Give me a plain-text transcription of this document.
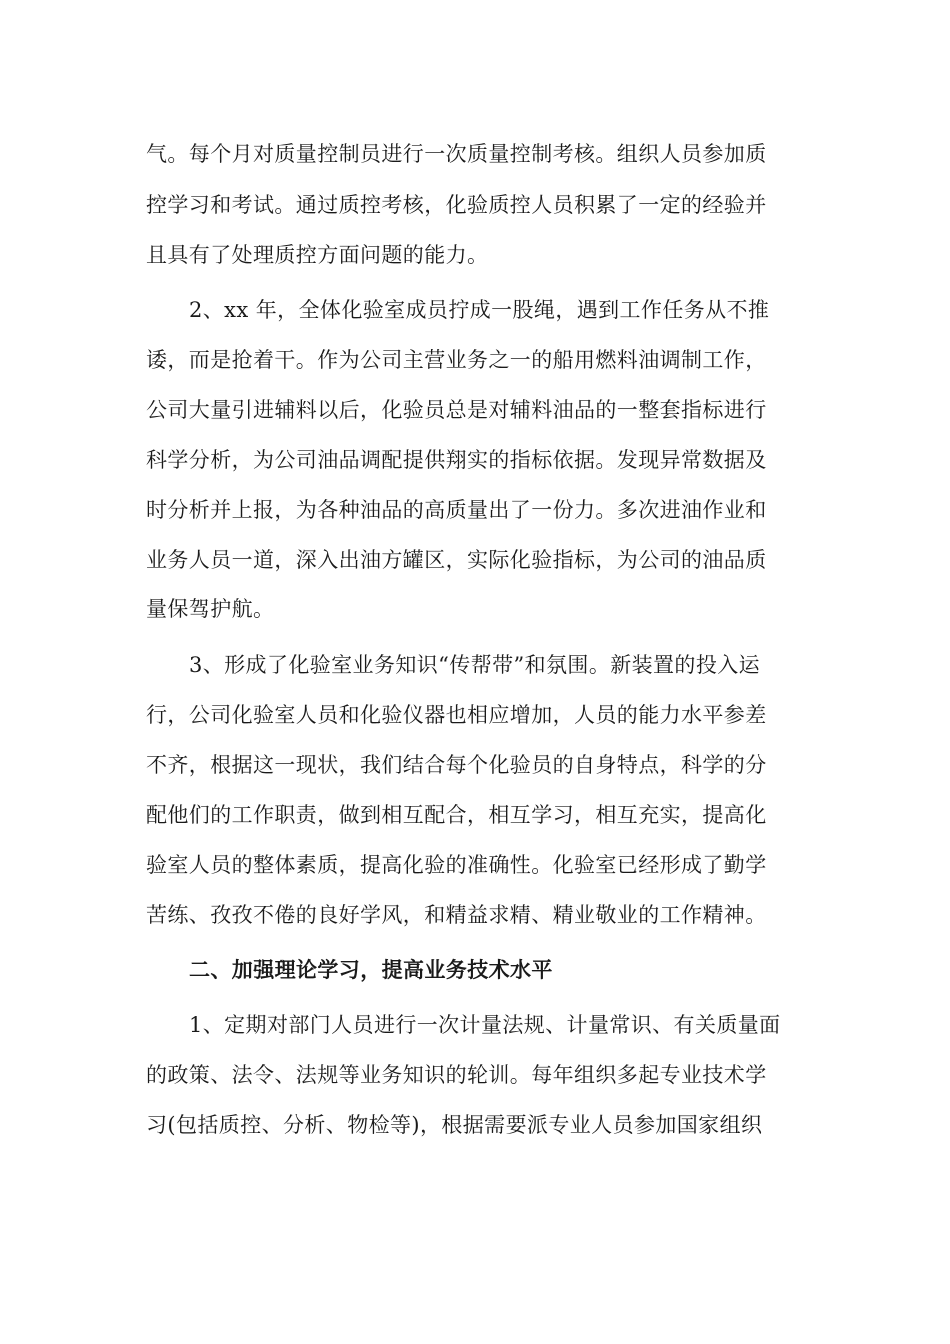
气。每个月对质量控制员进行一次质量控制考核。组织人员参加质
控学习和考试。通过质控考核，化验质控人员积累了一定的经验并
且具有了处理质控方面问题的能力。
2、xx 年，全体化验室成员拧成一股绳，遇到工作任务从不推
诿，而是抢着干。作为公司主营业务之一的船用燃料油调制工作，
公司大量引进辅料以后，化验员总是对辅料油品的一整套指标进行
科学分析，为公司油品调配提供翔实的指标依据。发现异常数据及
时分析并上报，为各种油品的高质量出了一份力。多次进油作业和
业务人员一道，深入出油方罐区，实际化验指标，为公司的油品质
量保驾护航。
3、形成了化验室业务知识“传帮带”和氛围。新装置的投入运
行，公司化验室人员和化验仪器也相应增加，人员的能力水平参差
不齐，根据这一现状，我们结合每个化验员的自身特点，科学的分
配他们的工作职责，做到相互配合，相互学习，相互充实，提高化
验室人员的整体素质，提高化验的准确性。化验室已经形成了勤学
苦练、孜孜不倦的良好学风，和精益求精、精业敬业的工作精神。
二、加强理论学习，提高业务技术水平
1、定期对部门人员进行一次计量法规、计量常识、有关质量面
的政策、法令、法规等业务知识的轮训。每年组织多起专业技术学
习(包括质控、分析、物检等)，根据需要派专业人员参加国家组织
